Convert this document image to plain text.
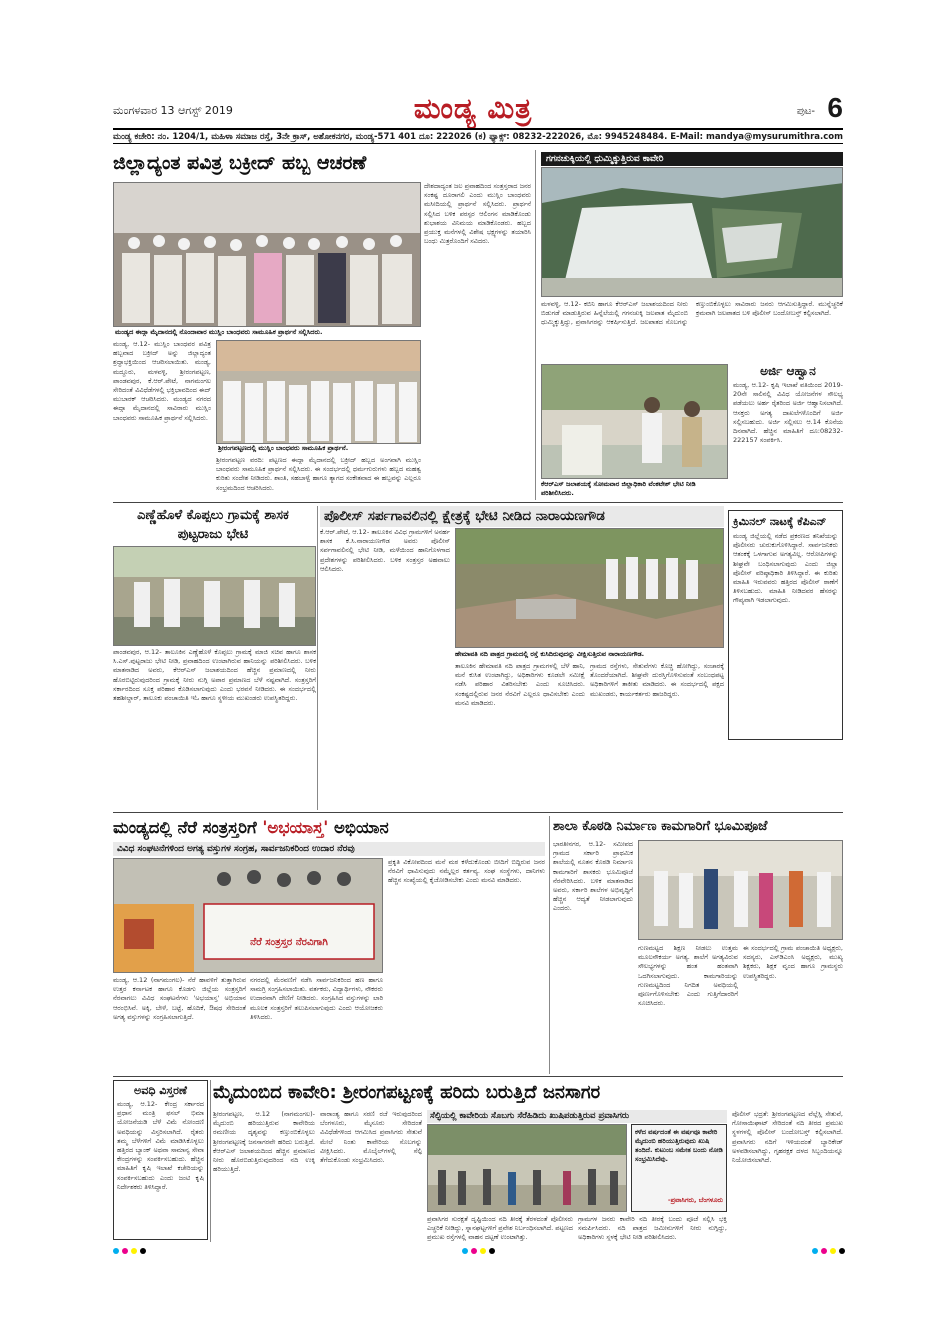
ಮಂಗಳವಾರ 13 ಆಗಸ್ಟ್ 2019	ಮಂಡ್ಯ ಮಿತ್ರ	ಪುಟ- 6
ಮಂಡ್ಯ ಕಚೇರಿ: ನಂ. 1204/1, ಮಹಿಳಾ ಸಮಾಜ ರಸ್ತೆ, 3ನೇ ಕ್ರಾಸ್, ಅಶೋಕನಗರ, ಮಂಡ್ಯ-571 401 ದೂ: 222026 (ಕ) ಫ್ಯಾಕ್ಸ್: 08232-222026, ಮೊ: 9945248484. E-Mail: mandya@mysurumithra.com
ಜಿಲ್ಲಾದ್ಯಂತ ಪವಿತ್ರ ಬಕ್ರೀದ್ ಹಬ್ಬ ಆಚರಣೆ
ಮಂಡ್ಯದ ಈದ್ಗಾ ಮೈದಾನದಲ್ಲಿ ನೊಂದಾವಾರ ಮುಸ್ಲಿಂ ಬಾಂಧವರು ಸಾಮೂಹಿಕ ಪ್ರಾರ್ಥನೆ ಸಲ್ಲಿಸಿದರು.
ಮಂಡ್ಯ, ಆ.12- ಮುಸ್ಲಿಂ ಬಾಂಧವರ ಪವಿತ್ರ ಹಬ್ಬವಾದ ಬಕ್ರೀದ್ ಅನ್ನು ಜಿಲ್ಲಾದ್ಯಂತ ಶ್ರದ್ಧಾಭಕ್ತಿಯಿಂದ ಆಚರಿಸಲಾಯಿತು. ಮಂಡ್ಯ, ಮದ್ದೂರು, ಮಳವಳ್ಳಿ, ಶ್ರೀರಂಗಪಟ್ಟಣ, ಪಾಂಡವಪುರ, ಕೆ.ಆರ್.ಪೇಟೆ, ನಾಗಮಂಗಲ ಸೇರಿದಂತೆ ವಿವಿಧೆಡೆಗಳಲ್ಲಿ ಭಕ್ತಿಭಾವದಿಂದ ಈದ್ ಮುಬಾರಕ್ ಆಚರಿಸಿದರು. ಮಂಡ್ಯದ ನಗರದ ಈದ್ಗಾ ಮೈದಾನದಲ್ಲಿ ಸಾವಿರಾರು ಮುಸ್ಲಿಂ ಬಾಂಧವರು ಸಾಮೂಹಿಕ ಪ್ರಾರ್ಥನೆ ಸಲ್ಲಿಸಿದರು.
ಶ್ರೀರಂಗಪಟ್ಟಣದಲ್ಲಿ ಮುಸ್ಲಿಂ ಬಾಂಧವರು ಸಾಮೂಹಿಕ ಪ್ರಾರ್ಥನೆ.
ಶ್ರೀರಂಗಪಟ್ಟಣ ವರದಿ: ಪಟ್ಟಣದ ಈದ್ಗಾ ಮೈದಾನದಲ್ಲಿ ಬಕ್ರೀದ್ ಹಬ್ಬದ ಅಂಗವಾಗಿ ಮುಸ್ಲಿಂ ಬಾಂಧವರು ಸಾಮೂಹಿಕ ಪ್ರಾರ್ಥನೆ ಸಲ್ಲಿಸಿದರು. ಈ ಸಂದರ್ಭದಲ್ಲಿ ಧರ್ಮಗುರುಗಳು ಹಬ್ಬದ ಮಹತ್ವ ಕುರಿತು ಸಂದೇಶ ನೀಡಿದರು. ಶಾಂತಿ, ಸಹಬಾಳ್ವೆ ಹಾಗೂ ತ್ಯಾಗದ ಸಂಕೇತವಾದ ಈ ಹಬ್ಬವನ್ನು ಎಲ್ಲರೂ ಸಂಭ್ರಮದಿಂದ ಆಚರಿಸಿದರು.
ದೇಶದಾದ್ಯಂತ ಜಲ ಪ್ರವಾಹದಿಂದ ಸಂತ್ರಸ್ತರಾದ ಜನರ ಸಂಕಷ್ಟ ದೂರಾಗಲಿ ಎಂದು ಮುಸ್ಲಿಂ ಬಾಂಧವರು ಮಸೀದಿಯಲ್ಲಿ ಪ್ರಾರ್ಥನೆ ಸಲ್ಲಿಸಿದರು. ಪ್ರಾರ್ಥನೆ ಸಲ್ಲಿಸಿದ ಬಳಿಕ ಪರಸ್ಪರ ಆಲಿಂಗನ ಮಾಡಿಕೊಂಡು ಶುಭಾಶಯ ವಿನಿಮಯ ಮಾಡಿಕೊಂಡರು. ಹಬ್ಬದ ಪ್ರಯುಕ್ತ ಮನೆಗಳಲ್ಲಿ ವಿಶೇಷ ಭಕ್ಷ್ಯಗಳನ್ನು ತಯಾರಿಸಿ ಬಂಧು ಮಿತ್ರರೊಂದಿಗೆ ಸವಿದರು.
ಗಗನಚುಕ್ಕಿಯಲ್ಲಿ ಧುಮ್ಮಿಕ್ಕುತ್ತಿರುವ ಕಾವೇರಿ
ಮಳವಳ್ಳಿ, ಆ.12- ಕಬಿನಿ ಹಾಗೂ ಕೆಆರ್‌ಎಸ್ ಜಲಾಶಯದಿಂದ ನೀರು ಬಿಡುಗಡೆ ಮಾಡುತ್ತಿರುವ ಹಿನ್ನೆಲೆಯಲ್ಲಿ ಗಗನಚುಕ್ಕಿ ಜಲಪಾತ ಮೈದುಂಬಿ ಧುಮ್ಮಿಕ್ಕುತ್ತಿದ್ದು, ಪ್ರವಾಸಿಗರನ್ನು ಆಕರ್ಷಿಸುತ್ತಿದೆ. ಜಲಪಾತದ ಸೊಬಗನ್ನು ಕಣ್ತುಂಬಿಕೊಳ್ಳಲು ಸಾವಿರಾರು ಜನರು ಆಗಮಿಸುತ್ತಿದ್ದಾರೆ. ಮುನ್ನೆಚ್ಚರಿಕೆ ಕ್ರಮವಾಗಿ ಜಲಪಾತದ ಬಳಿ ಪೊಲೀಸ್ ಬಂದೋಬಸ್ತ್ ಕಲ್ಪಿಸಲಾಗಿದೆ.
ಕೆಆರ್‌ಎಸ್ ಜಲಾಶಯಕ್ಕೆ ಸೋಮವಾರ ಜಿಲ್ಲಾಧಿಕಾರಿ ವೆಂಕಟೇಶ್ ಭೇಟಿ ನೀಡಿ ಪರಿಶೀಲಿಸಿದರು.
ಅರ್ಜಿ ಆಹ್ವಾನ
ಮಂಡ್ಯ, ಆ.12- ಕೃಷಿ ಇಲಾಖೆ ವತಿಯಿಂದ 2019-20ನೇ ಸಾಲಿನಲ್ಲಿ ವಿವಿಧ ಯೋಜನೆಗಳ ಸೌಲಭ್ಯ ಪಡೆಯಲು ಅರ್ಹ ರೈತರಿಂದ ಅರ್ಜಿ ಆಹ್ವಾನಿಸಲಾಗಿದೆ. ಆಸಕ್ತರು ಅಗತ್ಯ ದಾಖಲೆಗಳೊಂದಿಗೆ ಅರ್ಜಿ ಸಲ್ಲಿಸಬಹುದು. ಅರ್ಜಿ ಸಲ್ಲಿಸಲು ಆ.14 ಕೊನೆಯ ದಿನವಾಗಿದೆ. ಹೆಚ್ಚಿನ ಮಾಹಿತಿಗೆ ದೂ:08232-222157 ಸಂಪರ್ಕಿಸಿ.
ಎಣ್ಣೆಹೊಳೆ ಕೊಪ್ಪಲು ಗ್ರಾಮಕ್ಕೆ ಶಾಸಕ ಪುಟ್ಟರಾಜು ಭೇಟಿ
ಪಾಂಡವಪುರ, ಆ.12- ತಾಲೂಕಿನ ಎಣ್ಣೆಹೊಳೆ ಕೊಪ್ಪಲು ಗ್ರಾಮಕ್ಕೆ ಮಾಜಿ ಸಚಿವ ಹಾಗೂ ಶಾಸಕ ಸಿ.ಎಸ್.ಪುಟ್ಟರಾಜು ಭೇಟಿ ನೀಡಿ, ಪ್ರವಾಹದಿಂದ ಉಂಟಾಗಿರುವ ಹಾನಿಯನ್ನು ಪರಿಶೀಲಿಸಿದರು. ಬಳಿಕ ಮಾತನಾಡಿದ ಅವರು, ಕೆಆರ್‌ಎಸ್ ಜಲಾಶಯದಿಂದ ಹೆಚ್ಚಿನ ಪ್ರಮಾಣದಲ್ಲಿ ನೀರು ಹೊರಬಿಟ್ಟಿರುವುದರಿಂದ ಗ್ರಾಮಕ್ಕೆ ನೀರು ನುಗ್ಗಿ ಅಪಾರ ಪ್ರಮಾಣದ ಬೆಳೆ ನಷ್ಟವಾಗಿದೆ. ಸಂತ್ರಸ್ತರಿಗೆ ಸರ್ಕಾರದಿಂದ ಸೂಕ್ತ ಪರಿಹಾರ ಕೊಡಿಸಲಾಗುವುದು ಎಂದು ಭರವಸೆ ನೀಡಿದರು. ಈ ಸಂದರ್ಭದಲ್ಲಿ ತಹಶೀಲ್ದಾರ್, ತಾಲೂಕು ಪಂಚಾಯಿತಿ ಇಓ ಹಾಗೂ ಸ್ಥಳೀಯ ಮುಖಂಡರು ಉಪಸ್ಥಿತರಿದ್ದರು.
ಪೊಲೀಸ್ ಸರ್ಪಗಾವಲಿನಲ್ಲಿ ಕ್ಷೇತ್ರಕ್ಕೆ ಭೇಟಿ ನೀಡಿದ ನಾರಾಯಣಗೌಡ
ಕೆ.ಆರ್.ಪೇಟೆ, ಆ.12- ತಾಲೂಕಿನ ವಿವಿಧ ಗ್ರಾಮಗಳಿಗೆ ಅನರ್ಹ ಶಾಸಕ ಕೆ.ಸಿ.ನಾರಾಯಣಗೌಡ ಅವರು ಪೊಲೀಸ್ ಸರ್ಪಗಾವಲಿನಲ್ಲಿ ಭೇಟಿ ನೀಡಿ, ಮಳೆಯಿಂದ ಹಾನಿಗೊಳಗಾದ ಪ್ರದೇಶಗಳನ್ನು ಪರಿಶೀಲಿಸಿದರು. ಬಳಿಕ ಸಂತ್ರಸ್ತರ ಅಹವಾಲು ಆಲಿಸಿದರು.
ಹೇಮಾವತಿ ನದಿ ಪಾತ್ರದ ಗ್ರಾಮದಲ್ಲಿ ರಸ್ತೆ ಕುಸಿದಿರುವುದನ್ನು ವೀಕ್ಷಿಸುತ್ತಿರುವ ನಾರಾಯಣಗೌಡ.
ತಾಲೂಕಿನ ಹೇಮಾವತಿ ನದಿ ಪಾತ್ರದ ಗ್ರಾಮಗಳಲ್ಲಿ ಬೆಳೆ ಹಾನಿ, ಮನೆ ಕುಸಿತ ಉಂಟಾಗಿದ್ದು, ಅಧಿಕಾರಿಗಳು ಕೂಡಲೇ ಸಮೀಕ್ಷೆ ನಡೆಸಿ ಪರಿಹಾರ ವಿತರಿಸಬೇಕು ಎಂದು ಸೂಚಿಸಿದರು. ಸಂಕಷ್ಟದಲ್ಲಿರುವ ಜನರ ನೆರವಿಗೆ ಎಲ್ಲರೂ ಧಾವಿಸಬೇಕು ಎಂದು ಮನವಿ ಮಾಡಿದರು.
ಗ್ರಾಮದ ರಸ್ತೆಗಳು, ಸೇತುವೆಗಳು ಕೊಚ್ಚಿ ಹೋಗಿದ್ದು, ಸಂಚಾರಕ್ಕೆ ತೊಂದರೆಯಾಗಿದೆ. ಶೀಘ್ರವೇ ದುರಸ್ತಿಗೊಳಿಸುವಂತೆ ಸಂಬಂಧಪಟ್ಟ ಅಧಿಕಾರಿಗಳಿಗೆ ತಾಕೀತು ಮಾಡಿದರು. ಈ ಸಂದರ್ಭದಲ್ಲಿ ಪಕ್ಷದ ಮುಖಂಡರು, ಕಾರ್ಯಕರ್ತರು ಹಾಜರಿದ್ದರು.
ಕ್ರಿಮಿನಲ್ ನಾಟಕ್ಕೆ ಕೆಪಿಎನ್
ಮಂಡ್ಯ ಜಿಲ್ಲೆಯಲ್ಲಿ ನಡೆದ ಪ್ರಕರಣದ ತನಿಖೆಯನ್ನು ಪೊಲೀಸರು ಚುರುಕುಗೊಳಿಸಿದ್ದಾರೆ. ಸಾರ್ವಜನಿಕರು ಆತಂಕಕ್ಕೆ ಒಳಗಾಗುವ ಅಗತ್ಯವಿಲ್ಲ. ಆರೋಪಿಗಳನ್ನು ಶೀಘ್ರವೇ ಬಂಧಿಸಲಾಗುವುದು ಎಂದು ಜಿಲ್ಲಾ ಪೊಲೀಸ್ ವರಿಷ್ಠಾಧಿಕಾರಿ ತಿಳಿಸಿದ್ದಾರೆ. ಈ ಕುರಿತು ಮಾಹಿತಿ ಇರುವವರು ಹತ್ತಿರದ ಪೊಲೀಸ್ ಠಾಣೆಗೆ ತಿಳಿಸಬಹುದು. ಮಾಹಿತಿ ನೀಡಿದವರ ಹೆಸರನ್ನು ಗೌಪ್ಯವಾಗಿ ಇಡಲಾಗುವುದು.
ಮಂಡ್ಯದಲ್ಲಿ ನೆರೆ ಸಂತ್ರಸ್ತರಿಗೆ 'ಅಭಯಾಸ್ತ' ಅಭಿಯಾನ
ವಿವಿಧ ಸಂಘಟನೆಗಳಿಂದ ಅಗತ್ಯ ವಸ್ತುಗಳ ಸಂಗ್ರಹ, ಸಾರ್ವಜನಿಕರಿಂದ ಉದಾರ ನೆರವು
ನೆರೆ ಸಂತ್ರಸ್ತರ ನೆರವಿಗಾಗಿ
ಮಂಡ್ಯ, ಆ.12 (ನಾಗಮಂಗಲ)- ನೆರೆ ಹಾವಳಿಗೆ ತುತ್ತಾಗಿರುವ ಉತ್ತರ ಕರ್ನಾಟಕ ಹಾಗೂ ಕೊಡಗು ಜಿಲ್ಲೆಯ ಸಂತ್ರಸ್ತರಿಗೆ ನೆರವಾಗಲು ವಿವಿಧ ಸಂಘಟನೆಗಳು 'ಅಭಯಾಸ್ತ' ಅಭಿಯಾನ ಆರಂಭಿಸಿವೆ. ಅಕ್ಕಿ, ಬೇಳೆ, ಬಟ್ಟೆ, ಹೊದಿಕೆ, ಔಷಧ ಸೇರಿದಂತೆ ಅಗತ್ಯ ವಸ್ತುಗಳನ್ನು ಸಂಗ್ರಹಿಸಲಾಗುತ್ತಿದೆ.
ನಗರದಲ್ಲಿ ಮೆರವಣಿಗೆ ನಡೆಸಿ ಸಾರ್ವಜನಿಕರಿಂದ ಹಣ ಹಾಗೂ ಸಾಮಗ್ರಿ ಸಂಗ್ರಹಿಸಲಾಯಿತು. ವರ್ತಕರು, ವಿದ್ಯಾರ್ಥಿಗಳು, ನೌಕರರು ಉದಾರವಾಗಿ ದೇಣಿಗೆ ನೀಡಿದರು. ಸಂಗ್ರಹಿಸಿದ ವಸ್ತುಗಳನ್ನು ಲಾರಿ ಮೂಲಕ ಸಂತ್ರಸ್ತರಿಗೆ ತಲುಪಿಸಲಾಗುವುದು ಎಂದು ಆಯೋಜಕರು ತಿಳಿಸಿದರು.
ಪ್ರಕೃತಿ ವಿಕೋಪದಿಂದ ಮನೆ ಮಠ ಕಳೆದುಕೊಂಡು ಬೀದಿಗೆ ಬಿದ್ದಿರುವ ಜನರ ನೆರವಿಗೆ ಧಾವಿಸುವುದು ನಮ್ಮೆಲ್ಲರ ಕರ್ತವ್ಯ. ಸಂಘ ಸಂಸ್ಥೆಗಳು, ದಾನಿಗಳು ಹೆಚ್ಚಿನ ಸಂಖ್ಯೆಯಲ್ಲಿ ಕೈಜೋಡಿಸಬೇಕು ಎಂದು ಮನವಿ ಮಾಡಿದರು.
ಶಾಲಾ ಕೊಠಡಿ ನಿರ್ಮಾಣ ಕಾಮಗಾರಿಗೆ ಭೂಮಿಪೂಜೆ
ಭಾರತೀನಗರ, ಆ.12- ಸಮೀಪದ ಗ್ರಾಮದ ಸರ್ಕಾರಿ ಪ್ರಾಥಮಿಕ ಶಾಲೆಯಲ್ಲಿ ನೂತನ ಕೊಠಡಿ ನಿರ್ಮಾಣ ಕಾಮಗಾರಿಗೆ ಶಾಸಕರು ಭೂಮಿಪೂಜೆ ನೆರವೇರಿಸಿದರು. ಬಳಿಕ ಮಾತನಾಡಿದ ಅವರು, ಸರ್ಕಾರಿ ಶಾಲೆಗಳ ಅಭಿವೃದ್ಧಿಗೆ ಹೆಚ್ಚಿನ ಆದ್ಯತೆ ನೀಡಲಾಗುವುದು ಎಂದರು.
ಗುಣಮಟ್ಟದ ಶಿಕ್ಷಣ ನೀಡಲು ಉತ್ತಮ ಮೂಲಸೌಕರ್ಯ ಅಗತ್ಯ. ಶಾಲೆಗೆ ಅಗತ್ಯವಿರುವ ಸೌಲಭ್ಯಗಳನ್ನು ಹಂತ ಹಂತವಾಗಿ ಒದಗಿಸಲಾಗುವುದು. ಕಾಮಗಾರಿಯನ್ನು ಗುಣಮಟ್ಟದಿಂದ ನಿಗದಿತ ಅವಧಿಯಲ್ಲಿ ಪೂರ್ಣಗೊಳಿಸಬೇಕು ಎಂದು ಗುತ್ತಿಗೆದಾರರಿಗೆ ಸೂಚಿಸಿದರು.
ಈ ಸಂದರ್ಭದಲ್ಲಿ ಗ್ರಾಮ ಪಂಚಾಯಿತಿ ಅಧ್ಯಕ್ಷರು, ಸದಸ್ಯರು, ಎಸ್‌ಡಿಎಂಸಿ ಅಧ್ಯಕ್ಷರು, ಮುಖ್ಯ ಶಿಕ್ಷಕರು, ಶಿಕ್ಷಕ ವೃಂದ ಹಾಗೂ ಗ್ರಾಮಸ್ಥರು ಉಪಸ್ಥಿತರಿದ್ದರು.
ಅವಧಿ ವಿಸ್ತರಣೆ
ಮಂಡ್ಯ, ಆ.12- ಕೇಂದ್ರ ಸರ್ಕಾರದ ಪ್ರಧಾನ ಮಂತ್ರಿ ಫಸಲ್ ಭಿಮಾ ಯೋಜನೆಯಡಿ ಬೆಳೆ ವಿಮೆ ನೋಂದಣಿ ಅವಧಿಯನ್ನು ವಿಸ್ತರಿಸಲಾಗಿದೆ. ರೈತರು ತಮ್ಮ ಬೆಳೆಗಳಿಗೆ ವಿಮೆ ಮಾಡಿಸಿಕೊಳ್ಳಲು ಹತ್ತಿರದ ಬ್ಯಾಂಕ್ ಅಥವಾ ಸಾಮಾನ್ಯ ಸೇವಾ ಕೇಂದ್ರಗಳನ್ನು ಸಂಪರ್ಕಿಸಬಹುದು. ಹೆಚ್ಚಿನ ಮಾಹಿತಿಗೆ ಕೃಷಿ ಇಲಾಖೆ ಕಚೇರಿಯನ್ನು ಸಂಪರ್ಕಿಸಬಹುದು ಎಂದು ಜಂಟಿ ಕೃಷಿ ನಿರ್ದೇಶಕರು ತಿಳಿಸಿದ್ದಾರೆ.
ಮೈದುಂಬಿದ ಕಾವೇರಿ: ಶ್ರೀರಂಗಪಟ್ಟಣಕ್ಕೆ ಹರಿದು ಬರುತ್ತಿದೆ ಜನಸಾಗರ
ಶ್ರೀರಂಗಪಟ್ಟಣ, ಆ.12 (ನಾಗಮಂಗಲ)- ಮೈದುಂಬಿ ಹರಿಯುತ್ತಿರುವ ಕಾವೇರಿಯ ರಮಣೀಯ ದೃಶ್ಯವನ್ನು ಕಣ್ತುಂಬಿಕೊಳ್ಳಲು ಶ್ರೀರಂಗಪಟ್ಟಣಕ್ಕೆ ಜನಸಾಗರವೇ ಹರಿದು ಬರುತ್ತಿದೆ. ಕೆಆರ್‌ಎಸ್ ಜಲಾಶಯದಿಂದ ಹೆಚ್ಚಿನ ಪ್ರಮಾಣದ ನೀರು ಹೊರಬಿಡುತ್ತಿರುವುದರಿಂದ ನದಿ ಉಕ್ಕಿ ಹರಿಯುತ್ತಿದೆ.
ವಾರಾಂತ್ಯ ಹಾಗೂ ಸರಣಿ ರಜೆ ಇರುವುದರಿಂದ ಬೆಂಗಳೂರು, ಮೈಸೂರು ಸೇರಿದಂತೆ ವಿವಿಧೆಡೆಗಳಿಂದ ಆಗಮಿಸಿದ ಪ್ರವಾಸಿಗರು ಸೇತುವೆ ಮೇಲೆ ನಿಂತು ಕಾವೇರಿಯ ಸೊಬಗನ್ನು ವೀಕ್ಷಿಸಿದರು. ಮೊಬೈಲ್‌ಗಳಲ್ಲಿ ಸೆಲ್ಫಿ ತೆಗೆದುಕೊಂಡು ಸಂಭ್ರಮಿಸಿದರು.
ಸೆಲ್ಫಿಯಲ್ಲಿ ಕಾವೇರಿಯ ಸೊಬಗು ಸೆರೆಹಿಡಿದು ಖುಷಿಪಡುತ್ತಿರುವ ಪ್ರವಾಸಿಗರು
ಕಳೆದ ವರ್ಷದಂತೆ ಈ ವರ್ಷವೂ ಕಾವೇರಿ ಮೈದುಂಬಿ ಹರಿಯುತ್ತಿರುವುದು ಖುಷಿ ತಂದಿದೆ. ಕುಟುಂಬ ಸಮೇತ ಬಂದು ನೋಡಿ ಸಂಭ್ರಮಿಸಿದೆವು.
-ಪ್ರವಾಸಿಗರು, ಬೆಂಗಳೂರು
ಪ್ರವಾಸಿಗರ ಸುರಕ್ಷತೆ ದೃಷ್ಟಿಯಿಂದ ನದಿ ತೀರಕ್ಕೆ ತೆರಳದಂತೆ ಪೊಲೀಸರು ಎಚ್ಚರಿಕೆ ನೀಡಿದ್ದು, ಸ್ನಾನಘಟ್ಟಗಳಿಗೆ ಪ್ರವೇಶ ನಿರ್ಬಂಧಿಸಲಾಗಿದೆ. ಪಟ್ಟಣದ ಪ್ರಮುಖ ರಸ್ತೆಗಳಲ್ಲಿ ವಾಹನ ದಟ್ಟಣೆ ಉಂಟಾಗಿತ್ತು.
ಗ್ರಾಮಗಳ ಜನರು ಕಾವೇರಿ ನದಿ ತೀರಕ್ಕೆ ಬಂದು ಪೂಜೆ ಸಲ್ಲಿಸಿ ಭಕ್ತಿ ಸಮರ್ಪಿಸಿದರು. ನದಿ ಪಾತ್ರದ ಜಮೀನುಗಳಿಗೆ ನೀರು ನುಗ್ಗಿದ್ದು, ಅಧಿಕಾರಿಗಳು ಸ್ಥಳಕ್ಕೆ ಭೇಟಿ ನೀಡಿ ಪರಿಶೀಲಿಸಿದರು.
ಪೊಲೀಸ್ ಭದ್ರತೆ: ಶ್ರೀರಂಗಪಟ್ಟಣದ ವೆಲ್ಲೆಸ್ಲಿ ಸೇತುವೆ, ಗೋಸಾಯಿಘಾಟ್ ಸೇರಿದಂತೆ ನದಿ ತೀರದ ಪ್ರಮುಖ ಸ್ಥಳಗಳಲ್ಲಿ ಪೊಲೀಸ್ ಬಂದೋಬಸ್ತ್ ಕಲ್ಪಿಸಲಾಗಿದೆ. ಪ್ರವಾಸಿಗರು ನದಿಗೆ ಇಳಿಯದಂತೆ ಬ್ಯಾರಿಕೇಡ್ ಅಳವಡಿಸಲಾಗಿದ್ದು, ಗೃಹರಕ್ಷಕ ದಳದ ಸಿಬ್ಬಂದಿಯನ್ನೂ ನಿಯೋಜಿಸಲಾಗಿದೆ.
